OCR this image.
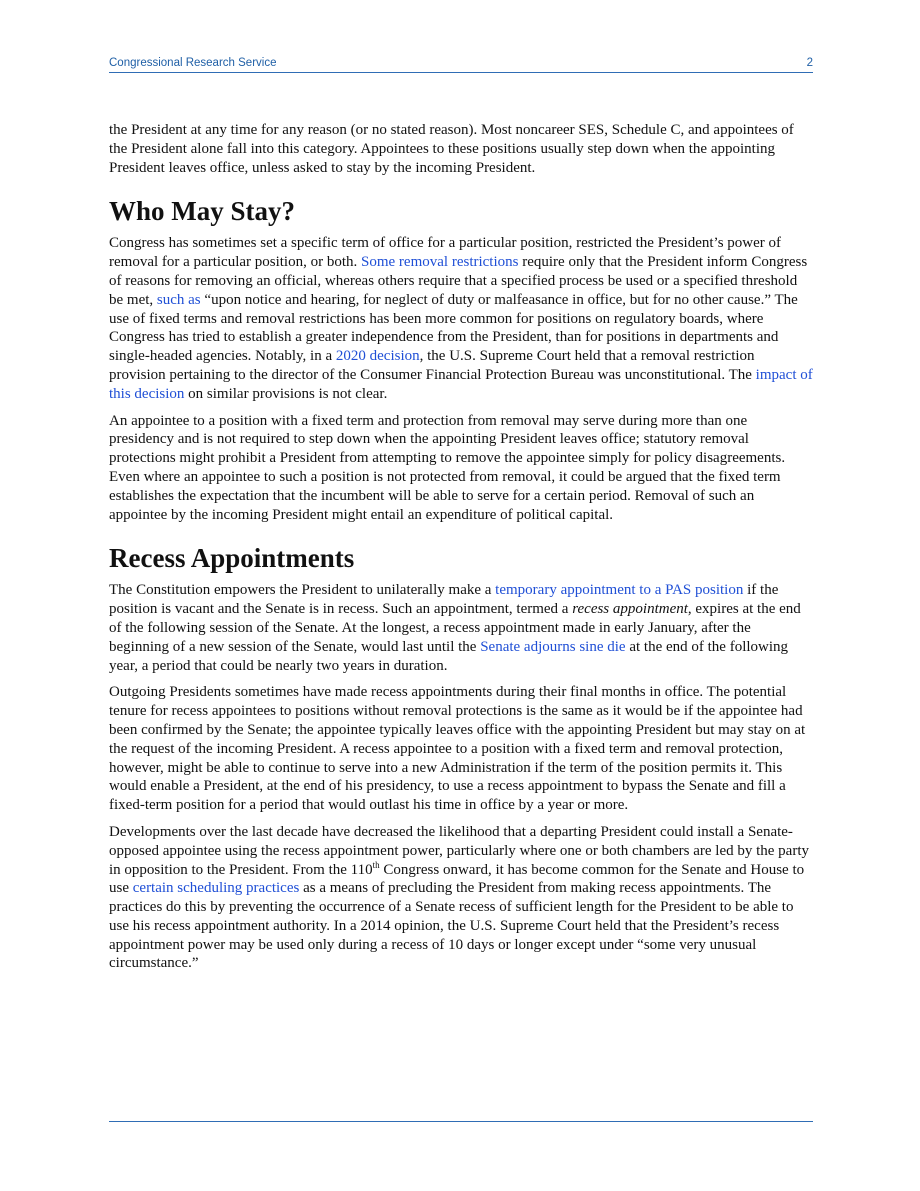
Congressional Research Service	2

the President at any time for any reason (or no stated reason). Most noncareer SES, Schedule C, and appointees of the President alone fall into this category. Appointees to these positions usually step down when the appointing President leaves office, unless asked to stay by the incoming President.

Who May Stay?

Congress has sometimes set a specific term of office for a particular position, restricted the President’s power of removal for a particular position, or both. Some removal restrictions require only that the President inform Congress of reasons for removing an official, whereas others require that a specified process be used or a specified threshold be met, such as “upon notice and hearing, for neglect of duty or malfeasance in office, but for no other cause.” The use of fixed terms and removal restrictions has been more common for positions on regulatory boards, where Congress has tried to establish a greater independence from the President, than for positions in departments and single-headed agencies. Notably, in a 2020 decision, the U.S. Supreme Court held that a removal restriction provision pertaining to the director of the Consumer Financial Protection Bureau was unconstitutional. The impact of this decision on similar provisions is not clear.

An appointee to a position with a fixed term and protection from removal may serve during more than one presidency and is not required to step down when the appointing President leaves office; statutory removal protections might prohibit a President from attempting to remove the appointee simply for policy disagreements. Even where an appointee to such a position is not protected from removal, it could be argued that the fixed term establishes the expectation that the incumbent will be able to serve for a certain period. Removal of such an appointee by the incoming President might entail an expenditure of political capital.

Recess Appointments

The Constitution empowers the President to unilaterally make a temporary appointment to a PAS position if the position is vacant and the Senate is in recess. Such an appointment, termed a recess appointment, expires at the end of the following session of the Senate. At the longest, a recess appointment made in early January, after the beginning of a new session of the Senate, would last until the Senate adjourns sine die at the end of the following year, a period that could be nearly two years in duration.

Outgoing Presidents sometimes have made recess appointments during their final months in office. The potential tenure for recess appointees to positions without removal protections is the same as it would be if the appointee had been confirmed by the Senate; the appointee typically leaves office with the appointing President but may stay on at the request of the incoming President. A recess appointee to a position with a fixed term and removal protection, however, might be able to continue to serve into a new Administration if the term of the position permits it. This would enable a President, at the end of his presidency, to use a recess appointment to bypass the Senate and fill a fixed-term position for a period that would outlast his time in office by a year or more.

Developments over the last decade have decreased the likelihood that a departing President could install a Senate-opposed appointee using the recess appointment power, particularly where one or both chambers are led by the party in opposition to the President. From the 110th Congress onward, it has become common for the Senate and House to use certain scheduling practices as a means of precluding the President from making recess appointments. The practices do this by preventing the occurrence of a Senate recess of sufficient length for the President to be able to use his recess appointment authority. In a 2014 opinion, the U.S. Supreme Court held that the President’s recess appointment power may be used only during a recess of 10 days or longer except under “some very unusual circumstance.”
